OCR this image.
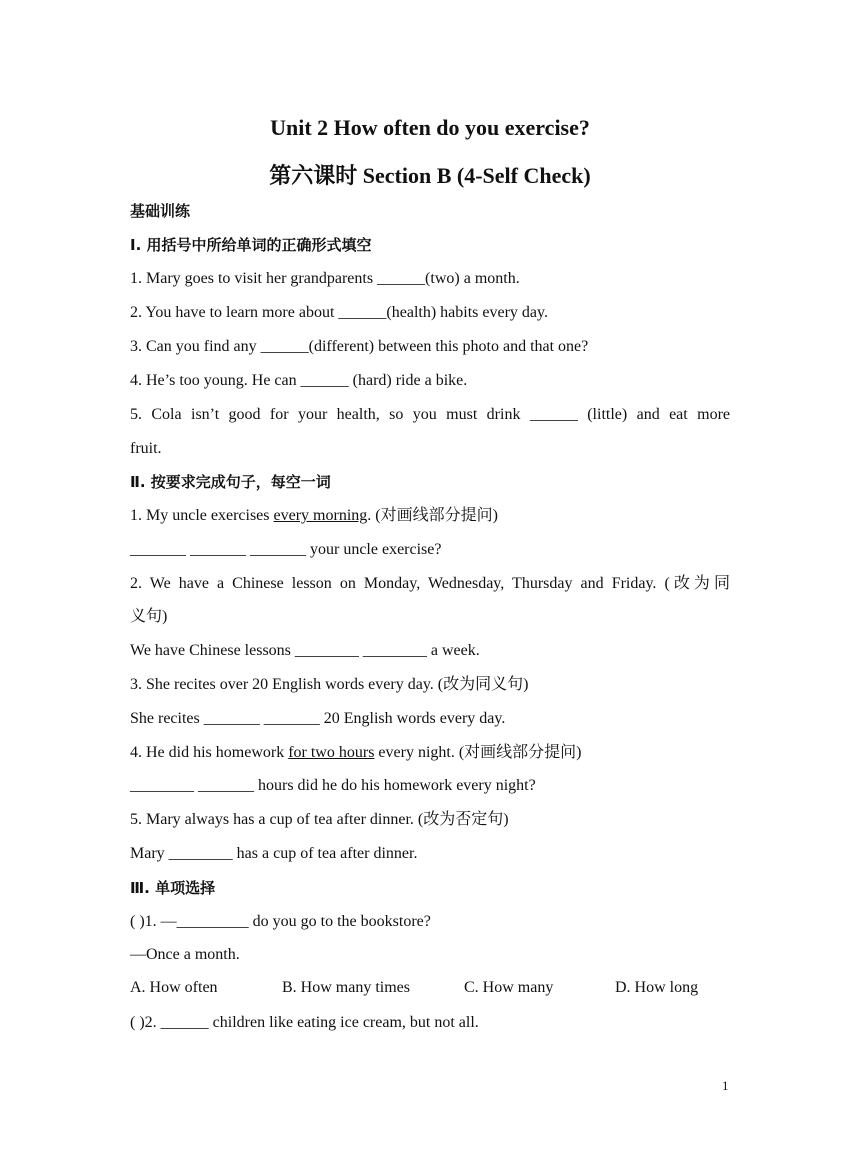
Unit 2 How often do you exercise?
第六课时 Section B (4-Self Check)
基础训练
Ⅰ. 用括号中所给单词的正确形式填空
1. Mary goes to visit her grandparents ______(two) a month.
2. You have to learn more about ______(health) habits every day.
3. Can you find any ______(different) between this photo and that one?
4. He’s too young. He can ______ (hard) ride a bike.
5. Cola isn’t good for your health, so you must drink ______ (little) and eat more
fruit.
Ⅱ. 按要求完成句子，每空一词
1. My uncle exercises every morning. (对画线部分提问)
_______ _______ _______ your uncle exercise?
2. We have a Chinese lesson on Monday, Wednesday, Thursday and Friday. (改为同
义句)
We have Chinese lessons ________ ________ a week.
3. She recites over 20 English words every day. (改为同义句)
She recites _______ _______ 20 English words every day.
4. He did his homework for two hours every night. (对画线部分提问)
________ _______ hours did he do his homework every night?
5. Mary always has a cup of tea after dinner. (改为否定句)
Mary ________ has a cup of tea after dinner.
Ⅲ. 单项选择
( )1. —_________ do you go to the bookstore?
—Once a month.
A. How often	B. How many times	C. How many	D. How long
( )2. ______ children like eating ice cream, but not all.
1
